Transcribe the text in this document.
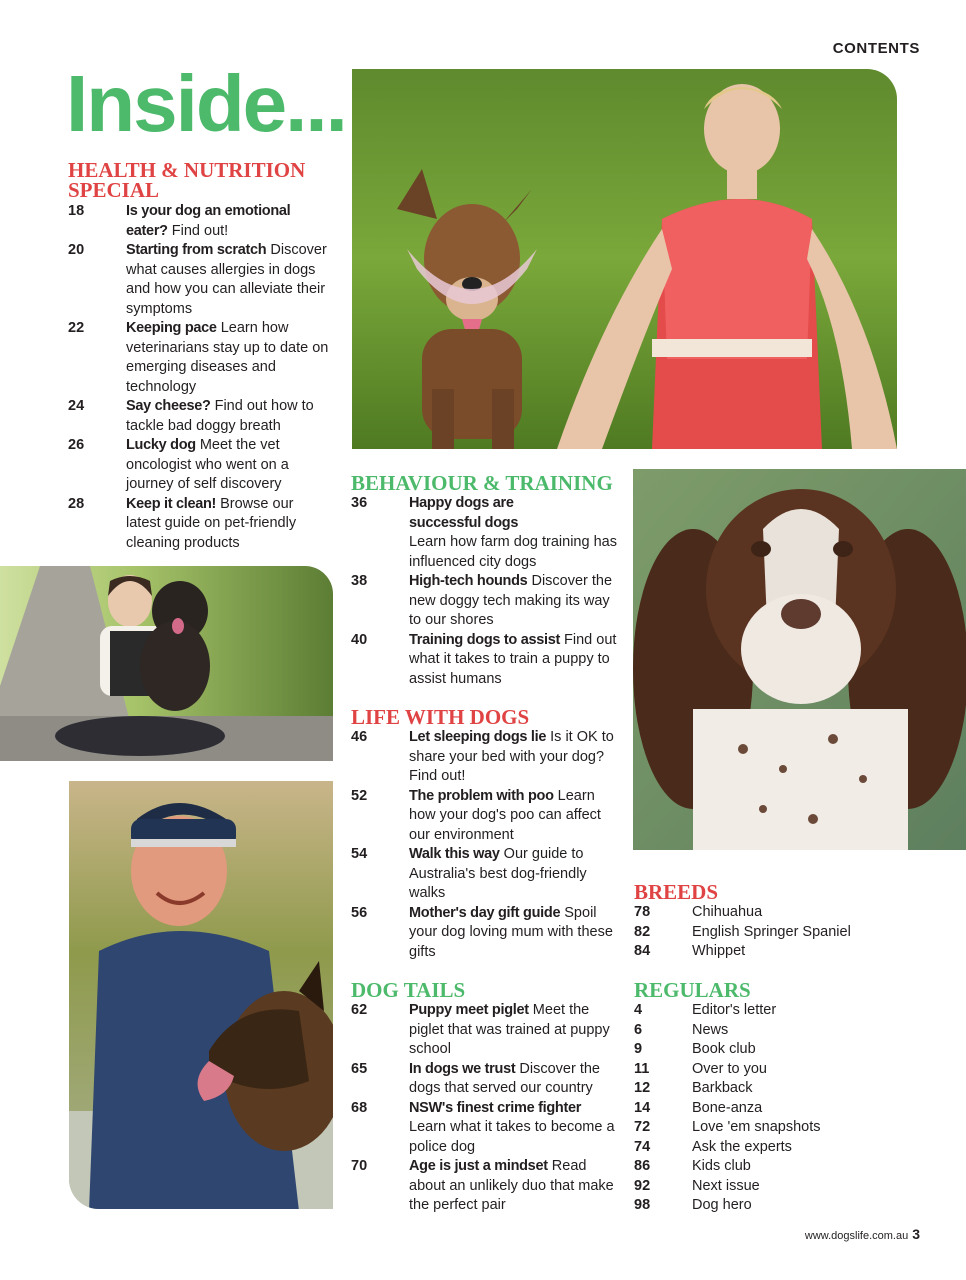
CONTENTS
Inside...
HEALTH & NUTRITION SPECIAL
18	Is your dog an emotional eater? Find out!
20	Starting from scratch Discover what causes allergies in dogs and how you can alleviate their symptoms
22	Keeping pace Learn how veterinarians stay up to date on emerging diseases and technology
24	Say cheese? Find out how to tackle bad doggy breath
26	Lucky dog Meet the vet oncologist who went on a journey of self discovery
28	Keep it clean! Browse our latest guide on pet-friendly cleaning products
BEHAVIOUR & TRAINING
36	Happy dogs are successful dogs
Learn how farm dog training has influenced city dogs
38	High-tech hounds Discover the new doggy tech making its way to our shores
40	Training dogs to assist Find out what it takes to train a puppy to assist humans
LIFE WITH DOGS
46	Let sleeping dogs lie Is it OK to share your bed with your dog? Find out!
52	The problem with poo Learn how your dog's poo can affect our environment
54	Walk this way Our guide to Australia's best dog-friendly walks
56	Mother's day gift guide Spoil your dog loving mum with these gifts
DOG TAILS
62	Puppy meet piglet Meet the piglet that was trained at puppy school
65	In dogs we trust Discover the dogs that served our country
68	NSW's finest crime fighter Learn what it takes to become a police dog
70	Age is just a mindset Read about an unlikely duo that make the perfect pair
BREEDS
78	Chihuahua
82	English Springer Spaniel
84	Whippet
REGULARS
4	Editor's letter
6	News
9	Book club
11	Over to you
12	Barkback
14	Bone-anza
72	Love 'em snapshots
74	Ask the experts
86	Kids club
92	Next issue
98	Dog hero
www.dogslife.com.au 3
